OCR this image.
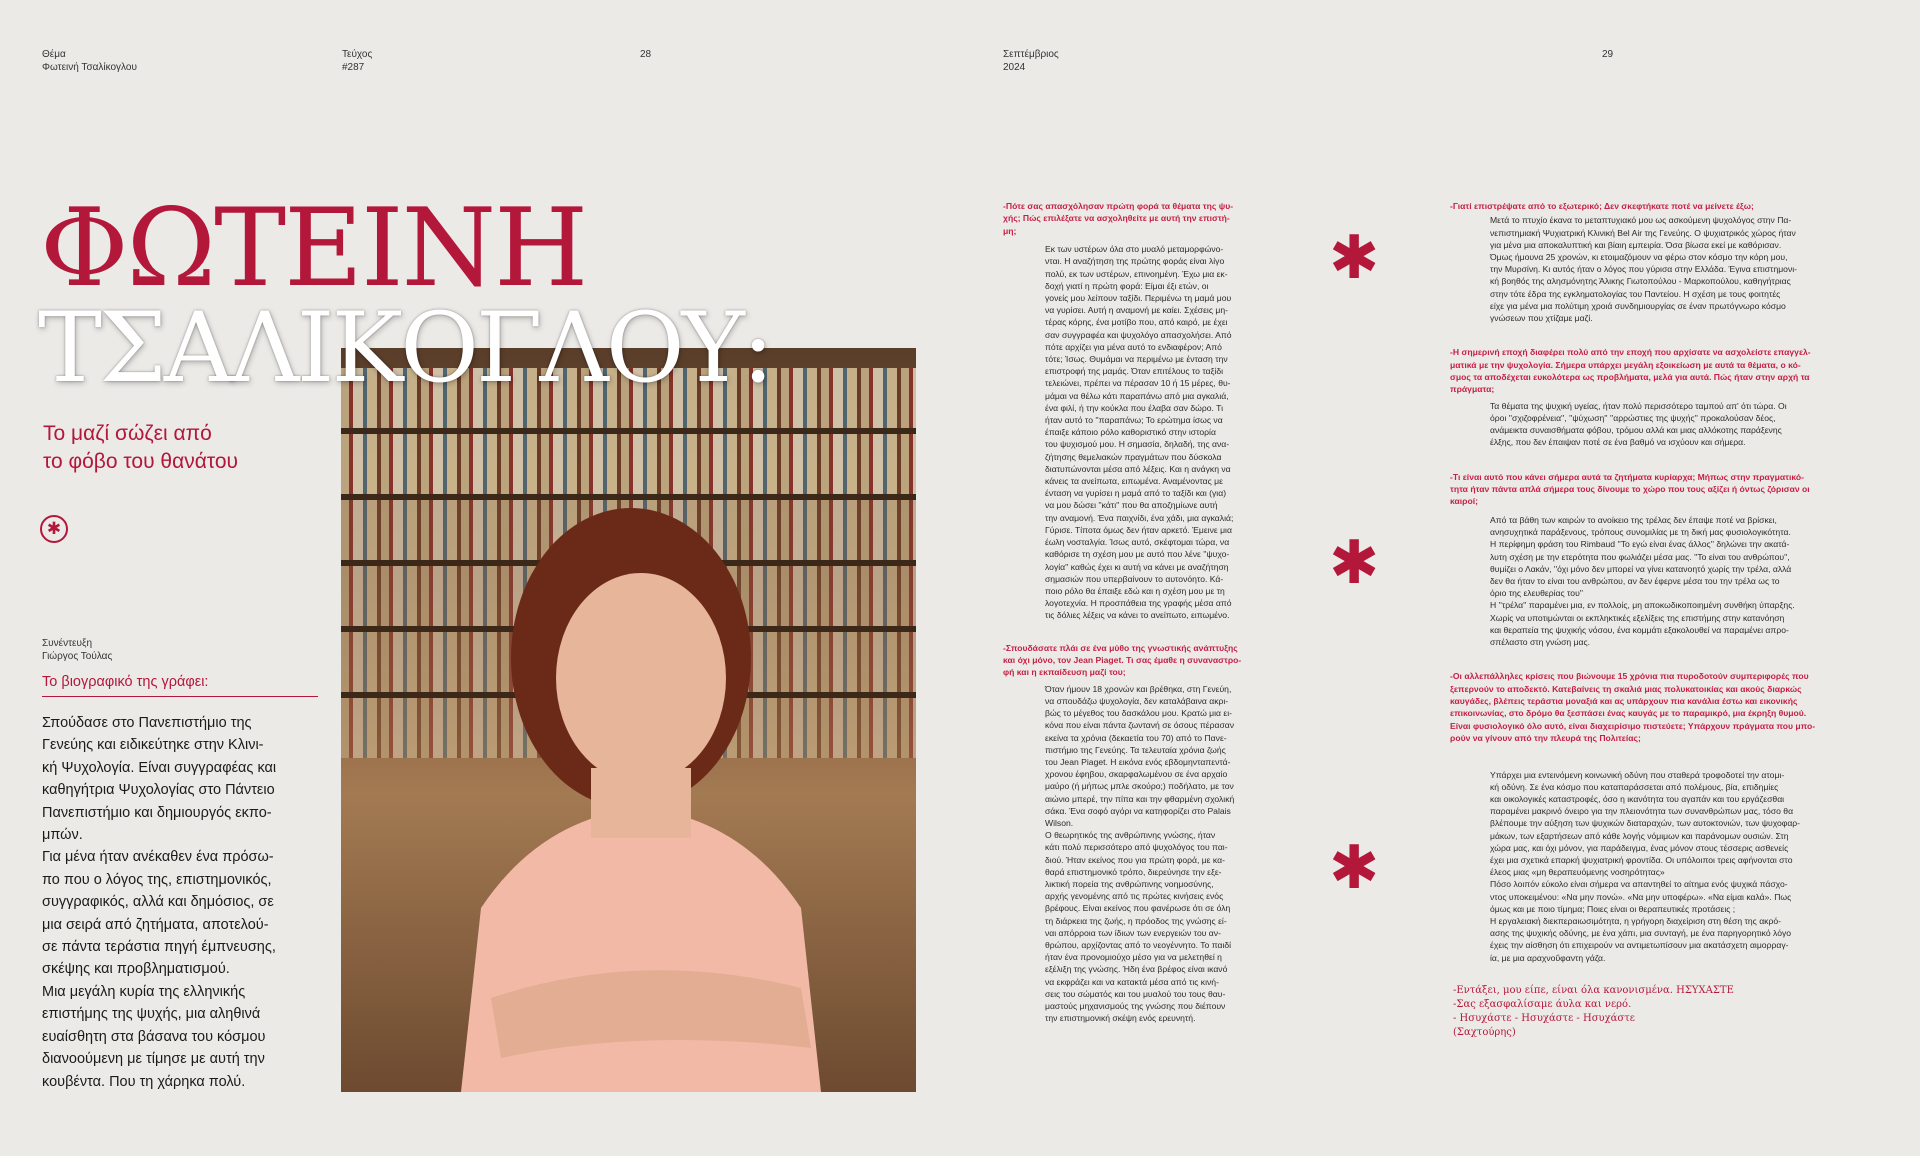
Θέμα
Φωτεινή Τσαλίκογλου
Τεύχος
#287
28	Σεπτέμβριος
2024
29
ΦΩΤΕΙΝΗ
ΤΣΑΛΙΚΟΓΛΟΥ:
Το μαζί σώζει από
το φόβο του θανάτου
✱
Συνέντευξη
Γιώργος Τούλας
Το βιογραφικό της γράφει:
Σπούδασε στο Πανεπιστήμιο της
Γενεύης και ειδικεύτηκε στην Κλινι-
κή Ψυχολογία. Είναι συγγραφέας και
καθηγήτρια Ψυχολογίας στο Πάντειο
Πανεπιστήμιο και δημιουργός εκπο-
μπών.
Για μένα ήταν ανέκαθεν ένα πρόσω-
πο που ο λόγος της, επιστημονικός,
συγγραφικός, αλλά και δημόσιος, σε
μια σειρά από ζητήματα, αποτελού-
σε πάντα τεράστια πηγή έμπνευσης,
σκέψης και προβληματισμού.
Μια μεγάλη κυρία της ελληνικής
επιστήμης της ψυχής, μια αληθινά
ευαίσθητη στα βάσανα του κόσμου
διανοούμενη με τίμησε με αυτή την
κουβέντα. Που τη χάρηκα πολύ.
-Πότε σας απασχόλησαν πρώτη φορά τα θέματα της ψυ-
χής; Πώς επιλέξατε να ασχοληθείτε με αυτή την επιστή-
μη;
Εκ των υστέρων όλα στο μυαλό μεταμορφώνο-
νται. Η αναζήτηση της πρώτης φοράς είναι λίγο
πολύ, εκ των υστέρων, επινοημένη. Έχω μια εκ-
δοχή γιατί η πρώτη φορά: Είμαι έξι ετών, οι
γονείς μου λείπουν ταξίδι. Περιμένω τη μαμά μου
να γυρίσει. Αυτή η αναμονή με καίει. Σχέσεις μη-
τέρας κόρης, ένα μοτίβο που, από καιρό, με έχει
σαν συγγραφέα και ψυχολόγο απασχολήσει. Από
πότε αρχίζει για μένα αυτό το ενδιαφέρον; Από
τότε; Ίσως. Θυμάμαι να περιμένω με ένταση την
επιστροφή της μαμάς. Όταν επιτέλους το ταξίδι
τελειώνει, πρέπει να πέρασαν 10 ή 15 μέρες, θυ-
μάμαι να θέλω κάτι παραπάνω από μια αγκαλιά,
ένα φιλί, ή την κούκλα που έλαβα σαν δώρο. Τι
ήταν αυτό το ''παραπάνω; Το ερώτημα ίσως να
έπαιξε κάποιο ρόλο καθοριστικό στην ιστορία
του ψυχισμού μου. Η σημασία, δηλαδή, της ανα-
ζήτησης θεμελιακών πραγμάτων που δύσκολα
διατυπώνονται μέσα από λέξεις. Και η ανάγκη να
κάνεις τα ανείπωτα, ειπωμένα. Αναμένοντας με
ένταση να γυρίσει η μαμά από το ταξίδι και (για)
να μου δώσει ''κάτι'' που θα αποζημίωνε αυτή
την αναμονή. Ένα παιχνίδι, ένα χάδι, μια αγκαλιά;
Γύρισε. Τίποτα όμως δεν ήταν αρκετό. Έμεινε μια
έωλη νοσταλγία. Ίσως αυτό, σκέφτομαι τώρα, να
καθόρισε τη σχέση μου με αυτό που λένε ''ψυχο-
λογία'' καθώς έχει κι αυτή να κάνει με αναζήτηση
σημασιών που υπερβαίνουν το αυτονόητο. Κά-
ποιο ρόλο θα έπαιξε εδώ και η σχέση μου με τη
λογοτεχνία. Η προσπάθεια της γραφής μέσα από
τις δόλιες λέξεις να κάνει το ανείπωτο, ειπωμένο.
-Σπουδάσατε πλάι σε ένα μύθο της γνωστικής ανάπτυξης
και όχι μόνο, τον Jean Piaget. Τι σας έμαθε η συναναστρο-
φή και η εκπαίδευση μαζί του;
Όταν ήμουν 18 χρονών και βρέθηκα, στη Γενεύη,
να σπουδάζω ψυχολογία, δεν καταλάβαινα ακρι-
βώς το μέγεθος του δασκάλου μου. Κρατώ μια ει-
κόνα που είναι πάντα ζωντανή σε όσους πέρασαν
εκείνα τα χρόνια (δεκαετία του 70) από το Πανε-
πιστήμιο της Γενεύης. Τα τελευταία χρόνια ζωής
του Jean Piaget. Η εικόνα ενός εβδομηνταπεντά-
χρονου έφηβου, σκαρφαλωμένου σε ένα αρχαίο
μαύρο (ή μήπως μπλε σκούρο;) ποδήλατο, με τον
αιώνιο μπερέ, την πίπα και την φθαρμένη σχολική
σάκα. Ένα σοφό αγόρι να κατηφορίζει στο Palais
Wilson.
Ο θεωρητικός της ανθρώπινης γνώσης, ήταν
κάτι πολύ περισσότερο από ψυχολόγος του παι-
διού. Ήταν εκείνος που για πρώτη φορά, με κα-
θαρά επιστημονικό τρόπο, διερεύνησε την εξε-
λικτική πορεία της ανθρώπινης νοημοσύνης,
αρχής γενομένης από τις πρώτες κινήσεις ενός
βρέφους. Είναι εκείνος που φανέρωσε ότι σε όλη
τη διάρκεια της ζωής, η πρόοδος της γνώσης εί-
ναι απόρροια των ίδιων των ενεργειών του αν-
θρώπου, αρχίζοντας από το νεογέννητο. Το παιδί
ήταν ένα προνομιούχο μέσο για να μελετηθεί η
εξέλιξη της γνώσης. Ήδη ένα βρέφος είναι ικανό
να εκφράζει και να κατακτά μέσα από τις κινή-
σεις του σώματός και του μυαλού του τους θαυ-
μαστούς μηχανισμούς της γνώσης που διέπουν
την επιστημονική σκέψη ενός ερευνητή.
✱
✱
✱
-Γιατί επιστρέψατε από το εξωτερικό; Δεν σκεφτήκατε ποτέ να μείνετε έξω;
Μετά το πτυχίο έκανα το μεταπτυχιακό μου ως ασκούμενη ψυχολόγος στην Πα-
νεπιστημιακή Ψυχιατρική Κλινική Bel Air της Γενεύης. Ο ψυχιατρικός χώρος ήταν
για μένα μια αποκαλυπτική και βίαιη εμπειρία. Όσα βίωσα εκεί με καθόρισαν.
Όμως ήμουνα 25 χρονών, κι ετοιμαζόμουν να φέρω στον κόσμο την κόρη μου,
την Μυρσίνη. Κι αυτός ήταν ο λόγος που γύρισα στην Ελλάδα. Έγινα επιστημονι-
κή βοηθός της αλησμόνητης Άλικης Γιωτοπούλου - Μαρκοπούλου, καθηγήτριας
στην τότε έδρα της εγκληματολογίας του Παντείου. Η σχέση με τους φοιτητές
είχε για μένα μια πολύτιμη χροιά συνδημιουργίας σε έναν πρωτόγνωρο κόσμο
γνώσεων που χτίζαμε μαζί.
-Η σημερινή εποχή διαφέρει πολύ από την εποχή που αρχίσατε να ασχολείστε επαγγελ-
ματικά με την ψυχολογία. Σήμερα υπάρχει μεγάλη εξοικείωση με αυτά τα θέματα, ο κό-
σμος τα αποδέχεται ευκολότερα ως προβλήματα, μελά για αυτά. Πώς ήταν στην αρχή τα
πράγματα;
Τα θέματα της ψυχική υγείας, ήταν πολύ περισσότερο ταμπού απ' ότι τώρα. Οι
όροι ''σχιζοφρένεια'', ''ψύχωση'' ''αρρώστιες της ψυχής'' προκαλούσαν δέος,
ανάμεικτα συναισθήματα φόβου, τρόμου αλλά και μιας αλλόκοτης παράξενης
έλξης, που δεν έπαιψαν ποτέ σε ένα βαθμό να ισχύουν και σήμερα.
-Τι είναι αυτό που κάνει σήμερα αυτά τα ζητήματα κυρίαρχα; Μήπως στην πραγματικό-
τητα ήταν πάντα απλά σήμερα τους δίνουμε το χώρο που τους αξίζει ή όντως ζόρισαν οι
καιροί;
Από τα βάθη των καιρών το ανοίκειο της τρέλας δεν έπαψε ποτέ να βρίσκει,
ανησυχητικά παράξενους, τρόπους συνομιλίας με τη δική μας φυσιολογικότητα.
Η περίφημη φράση του Rimbaud ''Το εγώ είναι ένας άλλος'' δηλώνει την ακατά-
λυτη σχέση με την ετερότητα που φωλιάζει μέσα μας. ''Το είναι του ανθρώπου'',
θυμίζει ο Λακάν, ''όχι μόνο δεν μπορεί να γίνει κατανοητό χωρίς την τρέλα, αλλά
δεν θα ήταν το είναι του ανθρώπου, αν δεν έφερνε μέσα του την τρέλα ως το
όριο της ελευθερίας του''
Η ''τρέλα'' παραμένει μια, εν πολλοίς, μη αποκωδικοποιημένη συνθήκη ύπαρξης.
Χωρίς να υποτιμώνται οι εκπληκτικές εξελίξεις της επιστήμης στην κατανόηση
και θεραπεία της ψυχικής νόσου, ένα κομμάτι εξακολουθεί να παραμένει απρο-
σπέλαστο στη γνώση μας.
-Οι αλλεπάλληλες κρίσεις που βιώνουμε 15 χρόνια πια πυροδοτούν συμπεριφορές που
ξεπερνούν το αποδεκτό. Κατεβαίνεις τη σκαλιά μιας πολυκατοικίας και ακούς διαρκώς
καυγάδες, βλέπεις τεράστια μοναξιά και ας υπάρχουν πια κανάλια έστω και εικονικής
επικοινωνίας, στο δρόμο θα ξεσπάσει ένας καυγάς με το παραμικρό, μια έκρηξη θυμού.
Είναι φυσιολογικό όλο αυτό, είναι διαχειρίσιμο πιστεύετε; Υπάρχουν πράγματα που μπο-
ρούν να γίνουν από την πλευρά της Πολιτείας;
Υπάρχει μια εντεινόμενη κοινωνική οδύνη που σταθερά τροφοδοτεί την ατομι-
κή οδύνη. Σε ένα κόσμο που καταπαράσσεται από πολέμους, βία, επιδημίες
και οικολογικές καταστροφές, όσο η ικανότητα του αγαπάν και του εργάζεσθαι
παραμένει μακρινό όνειρο για την πλειονότητα των συνανθρώπων μας, τόσο θα
βλέπουμε την αύξηση των ψυχικών διαταραχών, των αυτοκτονιών, των ψυχοφαρ-
μάκων, των εξαρτήσεων από κάθε λογής νόμιμων και παράνομων ουσιών. Στη
χώρα μας, και όχι μόνον, για παράδειγμα, ένας μόνον στους τέσσερις ασθενείς
έχει μια σχετικά επαρκή ψυχιατρική φροντίδα. Οι υπόλοιποι τρεις αφήνονται στο
έλεος μιας «μη θεραπευόμενης νοσηρότητας»
Πόσο λοιπόν εύκολο είναι σήμερα να απαντηθεί το αίτημα ενός ψυχικά πάσχο-
ντος υποκειμένου: «Να μην πονώ». «Να μην υποφέρω». «Να είμαι καλά». Πως
όμως και με ποιο τίμημα; Ποιες είναι οι θεραπευτικές προτάσεις ;
Η εργαλειακή διεκπεραιωσιμότητα, η γρήγορη διαχείριση στη θέση της ακρό-
ασης της ψυχικής οδύνης, με ένα χάπι, μια συνταγή, με ένα παρηγορητικό λόγο
έχεις την αίσθηση ότι επιχειρούν να αντιμετωπίσουν μια ακατάσχετη αιμορραγ-
ία, με μια αραχνοΰφαντη γάζα.
-Εντάξει, μου είπε, είναι όλα κανονισμένα. ΗΣΥΧΑΣΤΕ
-Σας εξασφαλίσαμε άυλα και νερό.
- Ησυχάστε - Ησυχάστε - Ησυχάστε
(Σαχτούρης)
